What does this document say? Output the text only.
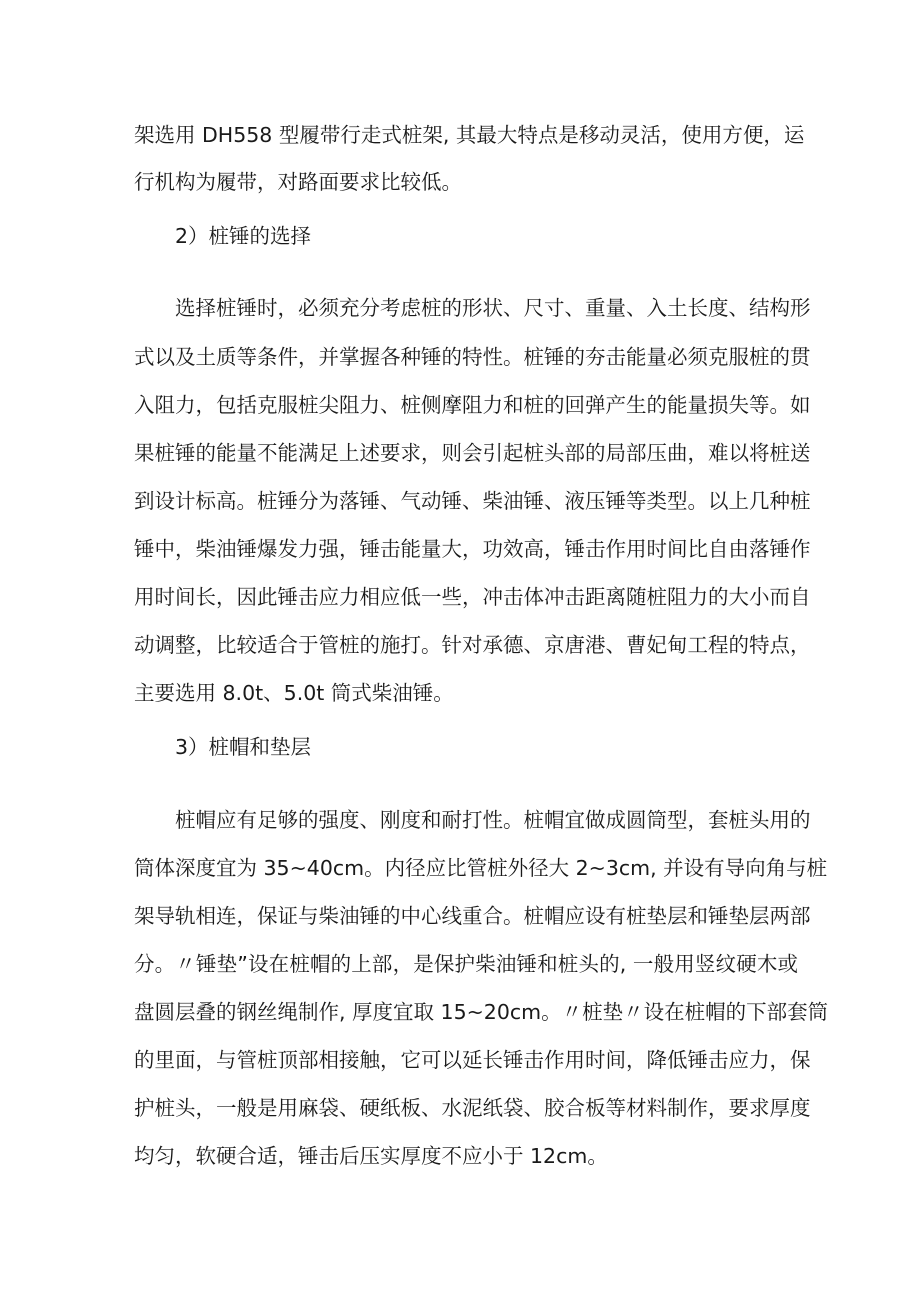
架选用 DH558 型履带行走式桩架, 其最大特点是移动灵活，使用方便，运
行机构为履带，对路面要求比较低。
2）桩锤的选择
选择桩锤时，必须充分考虑桩的形状、尺寸、重量、入土长度、结构形
式以及土质等条件，并掌握各种锤的特性。桩锤的夯击能量必须克服桩的贯
入阻力，包括克服桩尖阻力、桩侧摩阻力和桩的回弹产生的能量损失等。如
果桩锤的能量不能满足上述要求，则会引起桩头部的局部压曲，难以将桩送
到设计标高。桩锤分为落锤、气动锤、柴油锤、液压锤等类型。以上几种桩
锤中，柴油锤爆发力强，锤击能量大，功效高，锤击作用时间比自由落锤作
用时间长，因此锤击应力相应低一些，冲击体冲击距离随桩阻力的大小而自
动调整，比较适合于管桩的施打。针对承德、京唐港、曹妃甸工程的特点，
主要选用 8.0t、5.0t 筒式柴油锤。
3）桩帽和垫层
桩帽应有足够的强度、刚度和耐打性。桩帽宜做成圆筒型，套桩头用的
筒体深度宜为 35~40cm。内径应比管桩外径大 2~3cm, 并设有导向角与桩
架导轨相连，保证与柴油锤的中心线重合。桩帽应设有桩垫层和锤垫层两部
分。〃锤垫”设在桩帽的上部，是保护柴油锤和桩头的, 一般用竖纹硬木或
盘圆层叠的钢丝绳制作, 厚度宜取 15~20cm。〃桩垫〃设在桩帽的下部套筒
的里面，与管桩顶部相接触，它可以延长锤击作用时间，降低锤击应力，保
护桩头，一般是用麻袋、硬纸板、水泥纸袋、胶合板等材料制作，要求厚度
均匀，软硬合适，锤击后压实厚度不应小于 12cm。
